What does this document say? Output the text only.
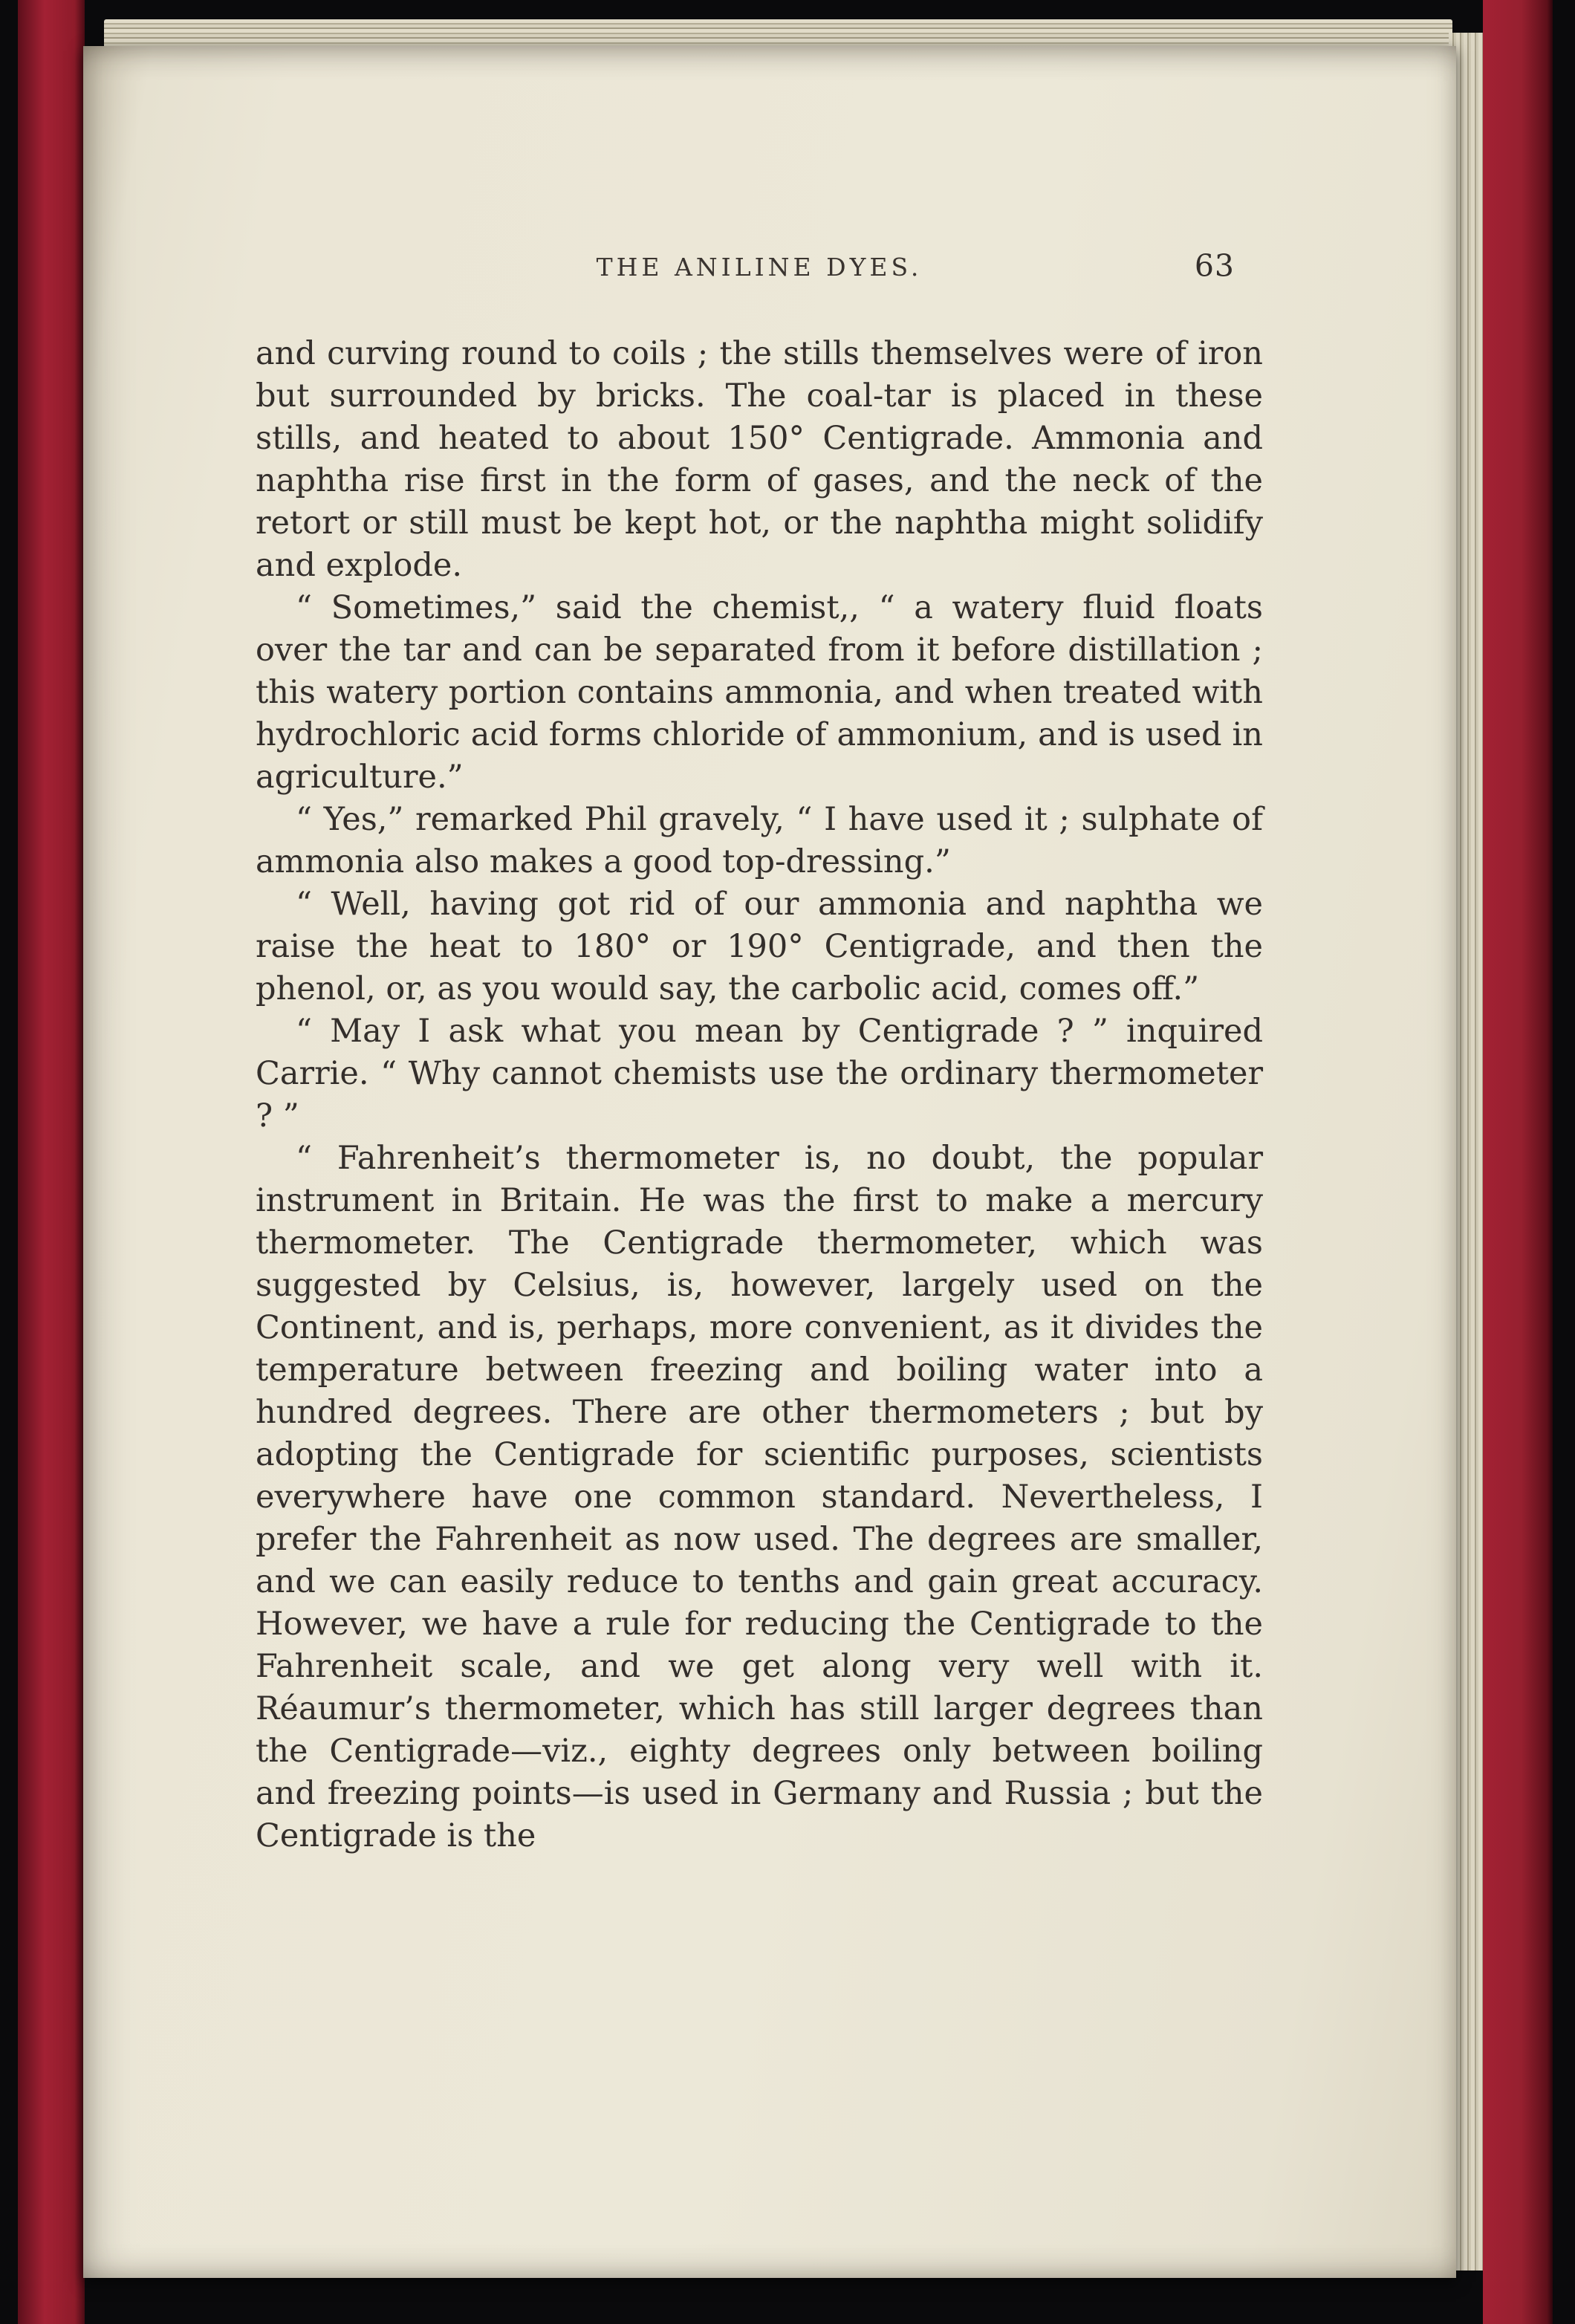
THE ANILINE DYES.	63

and curving round to coils ; the stills themselves were of iron but surrounded by bricks. The coal-tar is placed in these stills, and heated to about 150° Centigrade. Ammonia and naphtha rise first in the form of gases, and the neck of the retort or still must be kept hot, or the naphtha might solidify and explode.

“ Sometimes,” said the chemist,, “ a watery fluid floats over the tar and can be separated from it before distillation ; this watery portion contains ammonia, and when treated with hydrochloric acid forms chloride of ammonium, and is used in agriculture.”

“ Yes,” remarked Phil gravely, “ I have used it ; sulphate of ammonia also makes a good top-dressing.”

“ Well, having got rid of our ammonia and naphtha we raise the heat to 180° or 190° Centigrade, and then the phenol, or, as you would say, the carbolic acid, comes off.”

“ May I ask what you mean by Centigrade ? ” inquired Carrie. “ Why cannot chemists use the ordinary thermometer ? ”

“ Fahrenheit’s thermometer is, no doubt, the popular instrument in Britain. He was the first to make a mercury thermometer. The Centigrade thermometer, which was suggested by Celsius, is, however, largely used on the Continent, and is, perhaps, more convenient, as it divides the temperature between freezing and boiling water into a hundred degrees. There are other thermometers ; but by adopting the Centigrade for scientific purposes, scientists everywhere have one common standard. Nevertheless, I prefer the Fahrenheit as now used. The degrees are smaller, and we can easily reduce to tenths and gain great accuracy. However, we have a rule for reducing the Centigrade to the Fahrenheit scale, and we get along very well with it. Réaumur’s thermometer, which has still larger degrees than the Centigrade—viz., eighty degrees only between boiling and freezing points—is used in Germany and Russia ; but the Centigrade is the
